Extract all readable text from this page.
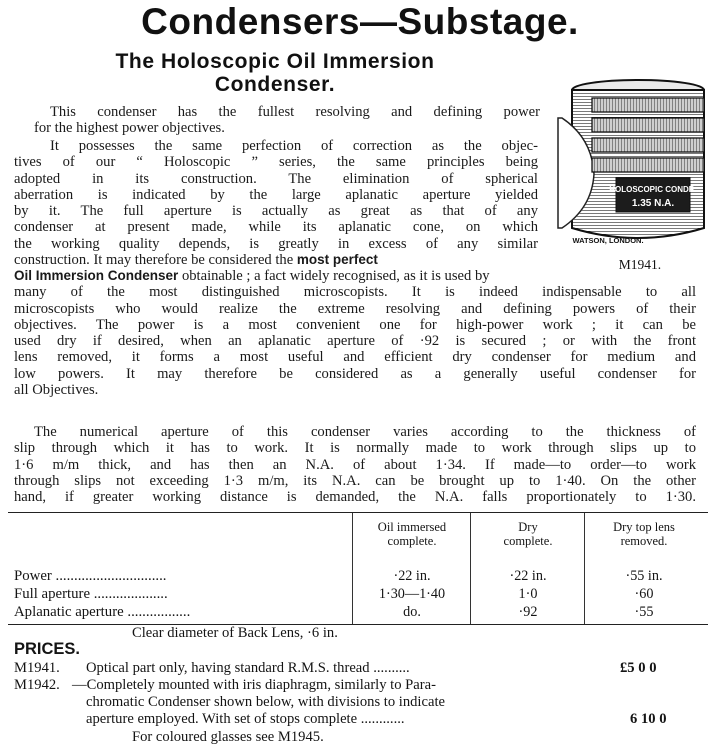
Condensers—Substage.
The Holoscopic Oil Immersion
Condenser.
HOLOSCOPIC CONDR.
1.35 N.A.
WATSON, LONDON.
M1941.
This condenser has the fullest resolving and defining power
for the highest power objectives.
It possesses the same perfection of correction as the objec-
tives of our “ Holoscopic ” series, the same principles being
adopted in its construction. The elimination of spherical
aberration is indicated by the large aplanatic aperture yielded
by it. The full aperture is actually as great as that of any
condenser at present made, while its aplanatic cone, on which
the working quality depends, is greatly in excess of any similar
construction. It may therefore be considered the most perfect
Oil Immersion Condenser obtainable ; a fact widely recognised, as it is used by
many of the most distinguished microscopists. It is indeed indispensable to all
microscopists who would realize the extreme resolving and defining powers of their
objectives. The power is a most convenient one for high-power work ; it can be
used dry if desired, when an aplanatic aperture of ·92 is secured ; or with the front
lens removed, it forms a most useful and efficient dry condenser for medium and
low powers. It may therefore be considered as a generally useful condenser for
all Objectives.
The numerical aperture of this condenser varies according to the thickness of
slip through which it has to work. It is normally made to work through slips up to
1·6 m/m thick, and has then an N.A. of about 1·34. If made—to order—to work
through slips not exceeding 1·3 m/m, its N.A. can be brought up to 1·40. On the other
hand, if greater working distance is demanded, the N.A. falls proportionately to 1·30.
Oil immersed
complete.
Dry
complete.
Dry top lens
removed.
Power ..............................	·22 in.	·22 in.	·55 in.
Full aperture ....................	1·30—1·40	1·0	·60
Aplanatic aperture .................	do.	·92	·55
Clear diameter of Back Lens, ·6 in.
PRICES.
M1941. Optical part only, having standard R.M.S. thread ..........	£5 0 0
M1942. —Completely mounted with iris diaphragm, similarly to Para-
chromatic Condenser shown below, with divisions to indicate
aperture employed. With set of stops complete ............	6 10 0
For coloured glasses see M1945.
